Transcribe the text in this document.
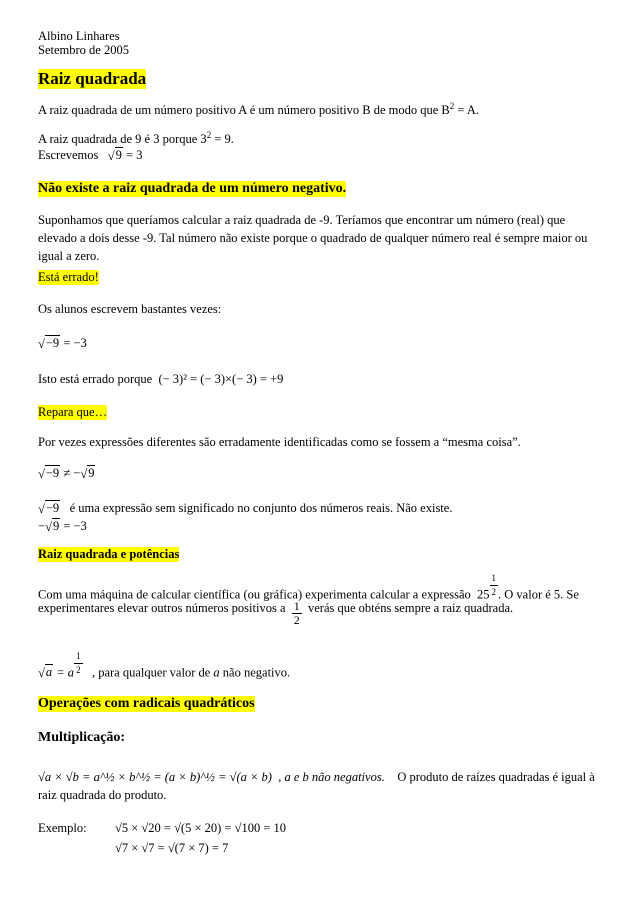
Albino Linhares
Setembro de 2005
Raiz quadrada
A raiz quadrada de um número positivo A é um número positivo B de modo que $B^2 = A$.
A raiz quadrada de 9 é 3 porque $3^2 = 9$.
Escrevemos √9 = 3
Não existe a raiz quadrada de um número negativo.
Suponhamos que queríamos calcular a raiz quadrada de -9. Teríamos que encontrar um número (real) que elevado a dois desse -9. Tal número não existe porque o quadrado de qualquer número real é sempre maior ou igual a zero.
Está errado!
Os alunos escrevem bastantes vezes:
√−9 = −3
Isto está errado porque (− 3)² = (− 3)×(− 3) = +9
Repara que…
Por vezes expressões diferentes são erradamente identificadas como se fossem a “mesma coisa”.
√−9 ≠ −√9
√−9 é uma expressão sem significado no conjunto dos números reais. Não existe.
−√9 = −3
Raiz quadrada e potências
Com uma máquina de calcular científica (ou gráfica) experimenta calcular a expressão 25 $^{\frac{1}{2}}$ . O valor é 5. Se
experimentares elevar outros números positivos a $\frac{1}{2}$ verás que obténs sempre a raiz quadrada.
√a = a $^{\frac{1}{2}}$ , para qualquer valor de a não negativo.
Operações com radicais quadráticos
Multiplicação:
√a × √b = a^½ × b^½ = (a × b)^½ = √(a × b) , a e b não negativos. O produto de raízes quadradas é igual à
raiz quadrada do produto.
Exemplo: √5 × √20 = √(5 × 20) = √100 = 10
√7 × √7 = √(7 × 7) = 7
